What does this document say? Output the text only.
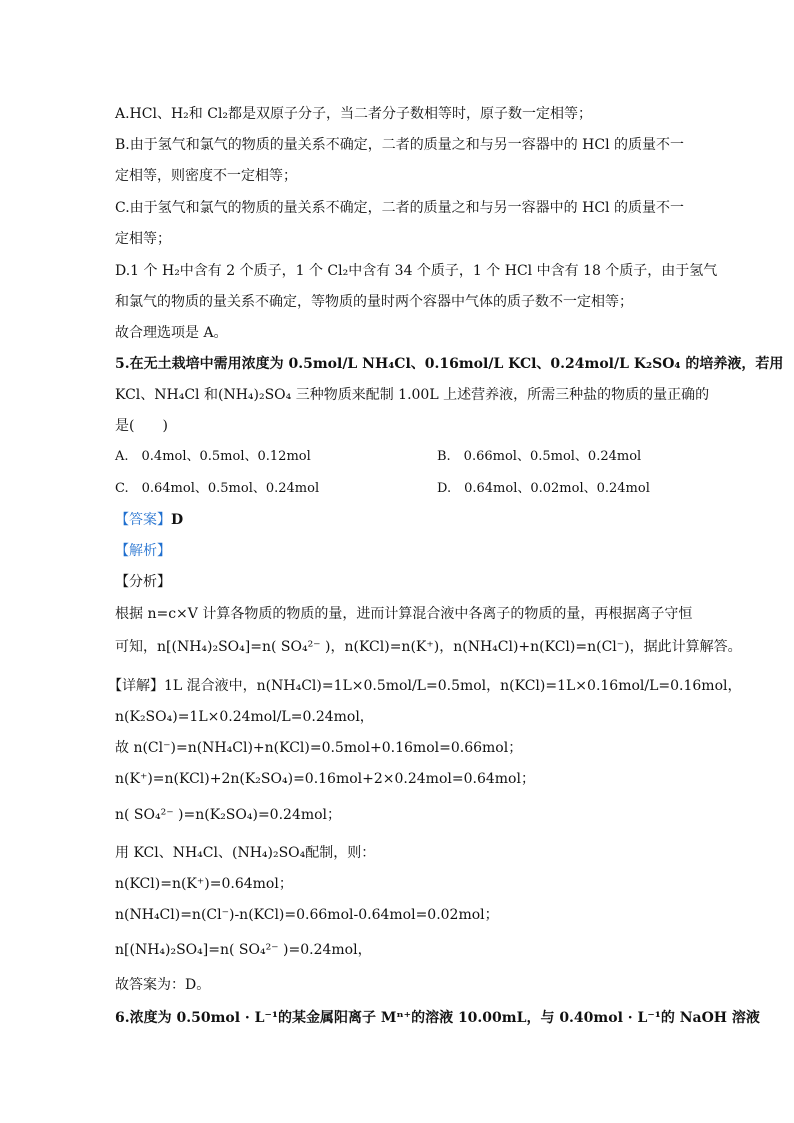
A.HCl、H₂和 Cl₂都是双原子分子，当二者分子数相等时，原子数一定相等；
B.由于氢气和氯气的物质的量关系不确定，二者的质量之和与另一容器中的 HCl 的质量不一
定相等，则密度不一定相等；
C.由于氢气和氯气的物质的量关系不确定，二者的质量之和与另一容器中的 HCl 的质量不一
定相等；
D.1 个 H₂中含有 2 个质子，1 个 Cl₂中含有 34 个质子，1 个 HCl 中含有 18 个质子，由于氢气
和氯气的物质的量关系不确定，等物质的量时两个容器中气体的质子数不一定相等；
故合理选项是 A。
5.在无土栽培中需用浓度为 0.5mol/L NH₄Cl、0.16mol/L KCl、0.24mol/L K₂SO₄ 的培养液，若用
KCl、NH₄Cl 和(NH₄)₂SO₄ 三种物质来配制 1.00L 上述营养液，所需三种盐的物质的量正确的
是(　　)
A.　0.4mol、0.5mol、0.12mol	B.　0.66mol、0.5mol、0.24mol
C.　0.64mol、0.5mol、0.24mol	D.　0.64mol、0.02mol、0.24mol
【答案】D
【解析】
【分析】
根据 n=c×V 计算各物质的物质的量，进而计算混合液中各离子的物质的量，再根据离子守恒
可知，n[(NH₄)₂SO₄]=n( SO₄²⁻ )，n(KCl)=n(K⁺)，n(NH₄Cl)+n(KCl)=n(Cl⁻)，据此计算解答。
【详解】1L 混合液中，n(NH₄Cl)=1L×0.5mol/L=0.5mol，n(KCl)=1L×0.16mol/L=0.16mol，
n(K₂SO₄)=1L×0.24mol/L=0.24mol，
故 n(Cl⁻)=n(NH₄Cl)+n(KCl)=0.5mol+0.16mol=0.66mol；
n(K⁺)=n(KCl)+2n(K₂SO₄)=0.16mol+2×0.24mol=0.64mol；
n( SO₄²⁻ )=n(K₂SO₄)=0.24mol；
用 KCl、NH₄Cl、(NH₄)₂SO₄配制，则：
n(KCl)=n(K⁺)=0.64mol；
n(NH₄Cl)=n(Cl⁻)-n(KCl)=0.66mol-0.64mol=0.02mol；
n[(NH₄)₂SO₄]=n( SO₄²⁻ )=0.24mol，
故答案为：D。
6.浓度为 0.50mol · L⁻¹的某金属阳离子 Mⁿ⁺的溶液 10.00mL，与 0.40mol · L⁻¹的 NaOH 溶液
